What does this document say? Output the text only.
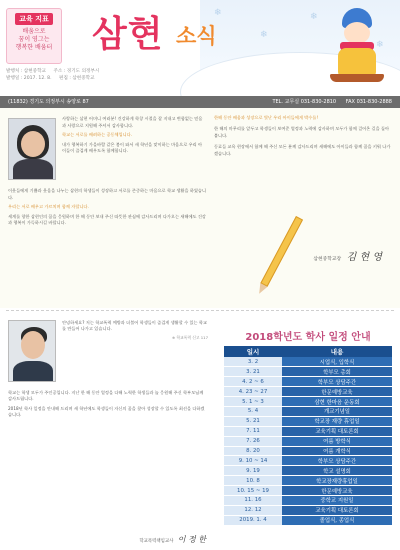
❄
❄
❄
❄
교육 지표
배움으로
꿈이 영그는
행복한 배움터 삼현 소식
발행처 : 삼현중학교 주소 : 경기도 의정부시
발행일 : 2017. 12. 8. 편집 : 삼현중학교
(11832) 경기도 의정부시 송양로 87	TEL. 교무실 031-830-2810 FAX 031-830-2888

사랑하는 삼현 어머니 여러분! 건강하게 학창 시절을 잘 지내고 변함없는 믿음과 사랑으로 지원해 주셔서 감사합니다.

학교는 서로를 배려하는 공동체입니다.

내가 행복하기 가을바람 같은 봄이 와서 새 학년을 맞이하는 마음으로 우리 아이들이 즐겁게 배우도록 함께합니다.

이웃들에게 기쁨과 웃음을 나누는 삼현의 학생들이 성장하고 서로를 존중하는 마음으로 학교 생활을 하였습니다.

우리는 서로 배우고 가르치며 함께 자랍니다.

세계를 향한 삼현인의 꿈을 응원하며 한 해 동안 보내 주신 따뜻한 관심에 감사드리며 다가오는 새해에도 건강과 행복이 가득하시길 바랍니다.

한해 동안 배움과 성장으로 빛난 우리 아이들에게 박수를!

한 해의 마무리를 앞두고 학생들이 보여준 열정과 노력에 감사하며 모두가 함께 걸어온 길을 돌아봅니다.

동료들 교육 현장에서 함께 해 주신 모든 분께 감사드리며 새해에도 아이들과 함께 꿈을 키워 나가겠습니다.

삼현중학교장 김 현 영

안녕하세요? 저는 학교폭력 예방과 더불어 학생들이 즐겁게 생활할 수 있는 학교를 만들어 나가고 있습니다.

※ 학교폭력 신고 117

학교는 학생 모두가 주인공입니다. 지난 한 해 동안 열정을 다해 노력한 학생들과 늘 응원해 주신 학부모님께 감사드립니다.

2018년 학사 일정을 안내해 드리며 새 학년에도 학생들이 자신의 꿈을 찾아 성장할 수 있도록 최선을 다하겠습니다.

학교폭력책임교사 이 정 한
2018학년도 학사 일정 안내
일시	내용
3. 2	시업식, 입학식
3. 21	학부모 총회
4. 2 ~ 6	학부모 상담주간
4. 23 ~ 27	한문예방교육
5. 1 ~ 3	삼현 한마음 운동회
5. 4	개교기념일
5. 21	학교장 재량 휴업일
7. 11	교육기획 대토론회
7. 26	여름 방학식
8. 20	여름 개학식
9. 10 ~ 14	학부모 상담주간
9. 19	학교 설명회
10. 8	학교장재량휴업일
10. 15 ~ 19	한문예방교육
11. 16	중학교 지원일
12. 12	교육기획 대토론회
2019. 1. 4	졸업식, 종업식
